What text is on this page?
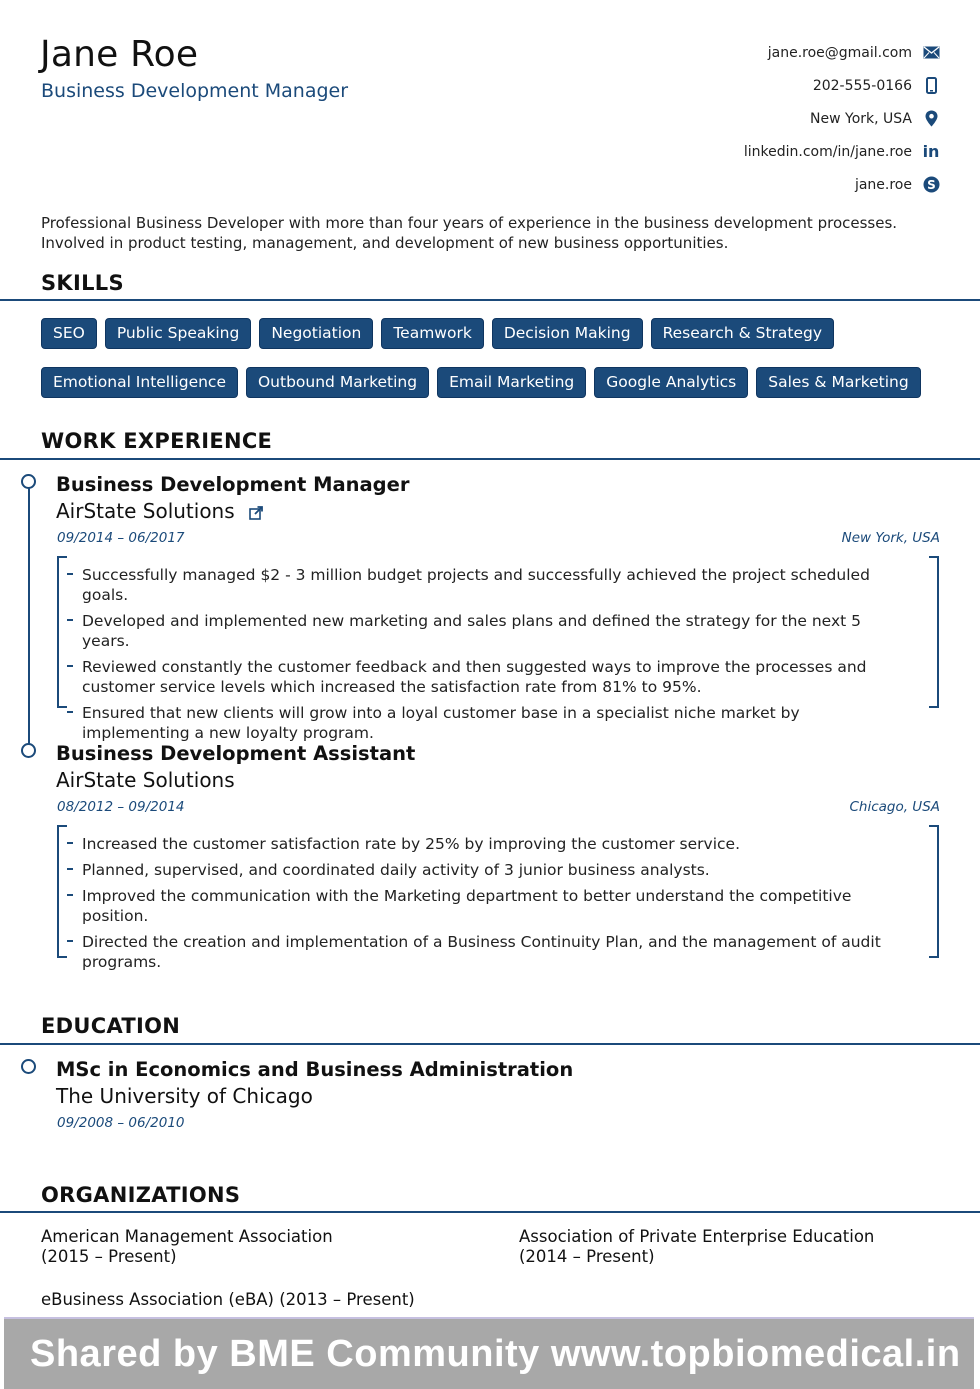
Jane Roe
Business Development Manager
jane.roe@gmail.com
202-555-0166
New York, USA
linkedin.com/in/jane.roe in
jane.roe S
Professional Business Developer with more than four years of experience in the business development processes.
Involved in product testing, management, and development of new business opportunities.
SKILLS
SEO	Public Speaking	Negotiation	Teamwork	Decision Making	Research & Strategy
Emotional Intelligence	Outbound Marketing	Email Marketing	Google Analytics	Sales & Marketing
WORK EXPERIENCE
Business Development Manager
AirState Solutions
09/2014 – 06/2017	New York, USA
Successfully managed $2 - 3 million budget projects and successfully achieved the project scheduled goals.
Developed and implemented new marketing and sales plans and defined the strategy for the next 5 years.
Reviewed constantly the customer feedback and then suggested ways to improve the processes and customer service levels which increased the satisfaction rate from 81% to 95%.
Ensured that new clients will grow into a loyal customer base in a specialist niche market by implementing a new loyalty program.
Business Development Assistant
AirState Solutions
08/2012 – 09/2014	Chicago, USA
Increased the customer satisfaction rate by 25% by improving the customer service.
Planned, supervised, and coordinated daily activity of 3 junior business analysts.
Improved the communication with the Marketing department to better understand the competitive position.
Directed the creation and implementation of a Business Continuity Plan, and the management of audit programs.
EDUCATION
MSc in Economics and Business Administration
The University of Chicago
09/2008 – 06/2010
ORGANIZATIONS
American Management Association
(2015 – Present)
Association of Private Enterprise Education
(2014 – Present)
eBusiness Association (eBA) (2013 – Present)
Shared by BME Community www.topbiomedical.in
